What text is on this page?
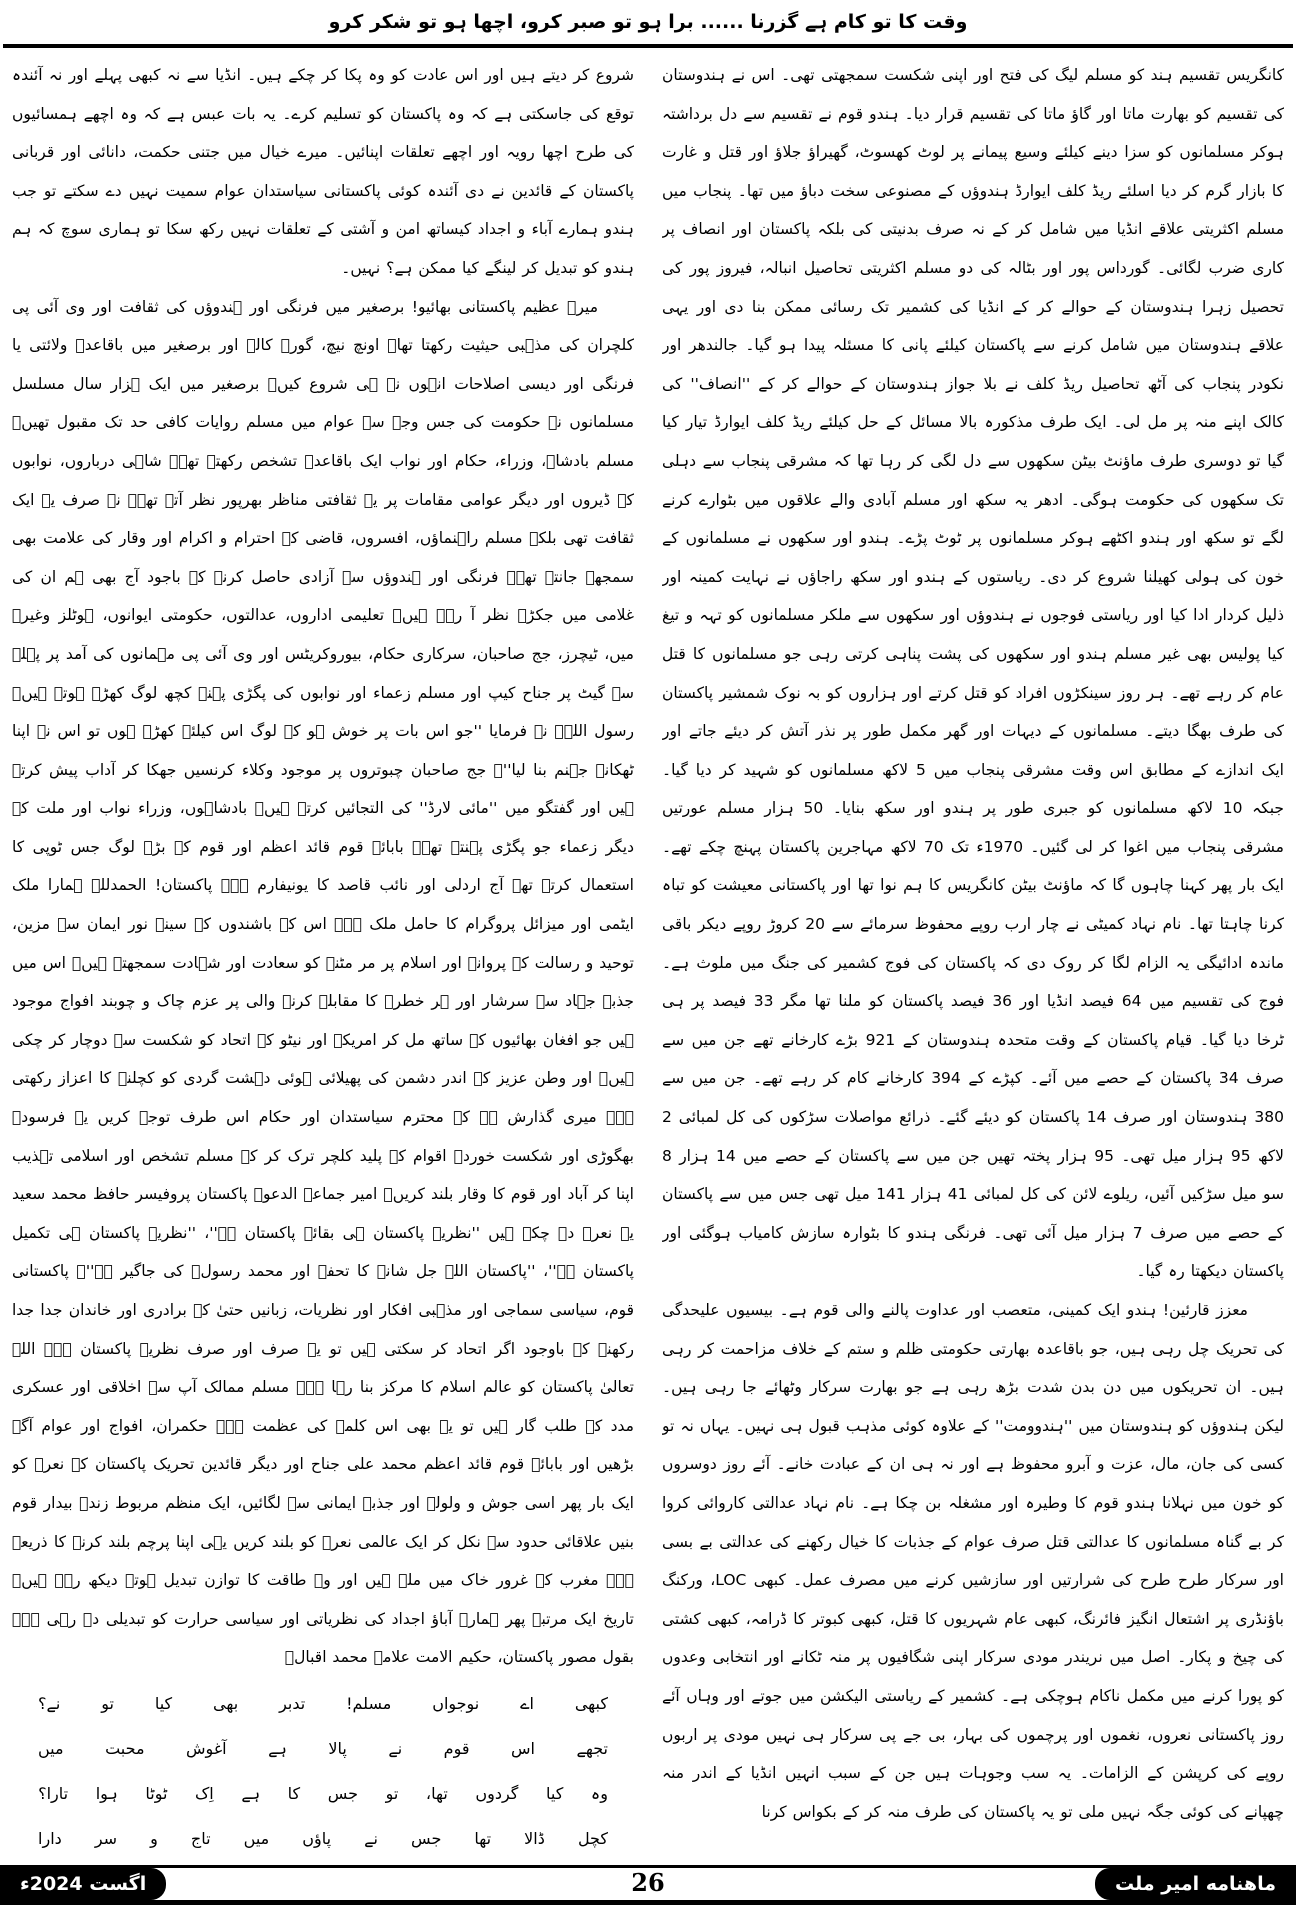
وقت کا تو کام ہے گزرنا ...... برا ہو تو صبر کرو، اچھا ہو تو شکر کرو

کانگریس تقسیم ہند کو مسلم لیگ کی فتح اور اپنی شکست سمجھتی تھی۔ اس نے ہندوستان کی تقسیم کو بھارت ماتا اور گاؤ ماتا کی تقسیم قرار دیا۔ ہندو قوم نے تقسیم سے دل برداشتہ ہوکر مسلمانوں کو سزا دینے کیلئے وسیع پیمانے پر لوٹ کھسوٹ، گھیراؤ جلاؤ اور قتل و غارت کا بازار گرم کر دیا اسلئے ریڈ کلف ایوارڈ ہندوؤں کے مصنوعی سخت دباؤ میں تھا۔ پنجاب میں مسلم اکثریتی علاقے انڈیا میں شامل کر کے نہ صرف بدنیتی کی بلکہ پاکستان اور انصاف پر کاری ضرب لگائی۔ گورداس پور اور بٹالہ کی دو مسلم اکثریتی تحاصیل انبالہ، فیروز پور کی تحصیل زہرا ہندوستان کے حوالے کر کے انڈیا کی کشمیر تک رسائی ممکن بنا دی اور یہی علاقے ہندوستان میں شامل کرنے سے پاکستان کیلئے پانی کا مسئلہ پیدا ہو گیا۔ جالندھر اور نکودر پنجاب کی آٹھ تحاصیل ریڈ کلف نے بلا جواز ہندوستان کے حوالے کر کے ''انصاف'' کی کالک اپنے منہ پر مل لی۔ ایک طرف مذکورہ بالا مسائل کے حل کیلئے ریڈ کلف ایوارڈ تیار کیا گیا تو دوسری طرف ماؤنٹ بیٹن سکھوں سے دل لگی کر رہا تھا کہ مشرقی پنجاب سے دہلی تک سکھوں کی حکومت ہوگی۔ ادھر یہ سکھ اور مسلم آبادی والے علاقوں میں بٹوارے کرنے لگے تو سکھ اور ہندو اکٹھے ہوکر مسلمانوں پر ٹوٹ پڑے۔ ہندو اور سکھوں نے مسلمانوں کے خون کی ہولی کھیلنا شروع کر دی۔ ریاستوں کے ہندو اور سکھ راجاؤں نے نہایت کمینہ اور ذلیل کردار ادا کیا اور ریاستی فوجوں نے ہندوؤں اور سکھوں سے ملکر مسلمانوں کو تہہ و تیغ کیا پولیس بھی غیر مسلم ہندو اور سکھوں کی پشت پناہی کرتی رہی جو مسلمانوں کا قتل عام کر رہے تھے۔ ہر روز سینکڑوں افراد کو قتل کرتے اور ہزاروں کو بہ نوک شمشیر پاکستان کی طرف بھگا دیتے۔ مسلمانوں کے دیہات اور گھر مکمل طور پر نذر آتش کر دیئے جاتے اور ایک اندازے کے مطابق اس وقت مشرقی پنجاب میں 5 لاکھ مسلمانوں کو شہید کر دیا گیا۔ جبکہ 10 لاکھ مسلمانوں کو جبری طور پر ہندو اور سکھ بنایا۔ 50 ہزار مسلم عورتیں مشرقی پنجاب میں اغوا کر لی گئیں۔ 1970ء تک 70 لاکھ مہاجرین پاکستان پہنچ چکے تھے۔ ایک بار پھر کہنا چاہوں گا کہ ماؤنٹ بیٹن کانگریس کا ہم نوا تھا اور پاکستانی معیشت کو تباہ کرنا چاہتا تھا۔ نام نہاد کمیٹی نے چار ارب روپے محفوظ سرمائے سے 20 کروڑ روپے دیکر باقی ماندہ ادائیگی یہ الزام لگا کر روک دی کہ پاکستان کی فوج کشمیر کی جنگ میں ملوث ہے۔ فوج کی تقسیم میں 64 فیصد انڈیا اور 36 فیصد پاکستان کو ملنا تھا مگر 33 فیصد پر ہی ٹرخا دیا گیا۔ قیام پاکستان کے وقت متحدہ ہندوستان کے 921 بڑے کارخانے تھے جن میں سے صرف 34 پاکستان کے حصے میں آئے۔ کپڑے کے 394 کارخانے کام کر رہے تھے۔ جن میں سے 380 ہندوستان اور صرف 14 پاکستان کو دیئے گئے۔ ذرائع مواصلات سڑکوں کی کل لمبائی 2 لاکھ 95 ہزار میل تھی۔ 95 ہزار پختہ تھیں جن میں سے پاکستان کے حصے میں 14 ہزار 8 سو میل سڑکیں آئیں، ریلوے لائن کی کل لمبائی 41 ہزار 141 میل تھی جس میں سے پاکستان کے حصے میں صرف 7 ہزار میل آئی تھی۔ فرنگی ہندو کا بٹوارہ سازش کامیاب ہوگئی اور پاکستان دیکھتا رہ گیا۔

معزز قارئین! ہندو ایک کمینی، متعصب اور عداوت پالنے والی قوم ہے۔ بیسیوں علیحدگی کی تحریک چل رہی ہیں، جو باقاعدہ بھارتی حکومتی ظلم و ستم کے خلاف مزاحمت کر رہی ہیں۔ ان تحریکوں میں دن بدن شدت بڑھ رہی ہے جو بھارت سرکار وٹھائے جا رہی ہیں۔ لیکن ہندوؤں کو ہندوستان میں ''ہندوومت'' کے علاوہ کوئی مذہب قبول ہی نہیں۔ یہاں نہ تو کسی کی جان، مال، عزت و آبرو محفوظ ہے اور نہ ہی ان کے عبادت خانے۔ آئے روز دوسروں کو خون میں نہلانا ہندو قوم کا وطیرہ اور مشغلہ بن چکا ہے۔ نام نہاد عدالتی کاروائی کروا کر بے گناہ مسلمانوں کا عدالتی قتل صرف عوام کے جذبات کا خیال رکھنے کی عدالتی بے بسی اور سرکار طرح طرح کی شرارتیں اور سازشیں کرنے میں مصرف عمل۔ کبھی LOC، ورکنگ باؤنڈری پر اشتعال انگیز فائرنگ، کبھی عام شہریوں کا قتل، کبھی کبوتر کا ڈرامہ، کبھی کشتی کی چیخ و پکار۔ اصل میں نریندر مودی سرکار اپنی شگافیوں پر منہ ٹکانے اور انتخابی وعدوں کو پورا کرنے میں مکمل ناکام ہوچکی ہے۔ کشمیر کے ریاستی الیکشن میں جوتے اور وہاں آئے روز پاکستانی نعروں، نغموں اور پرچموں کی بہار، بی جے پی سرکار ہی نہیں مودی پر اربوں روپے کی کرپشن کے الزامات۔ یہ سب وجوہات ہیں جن کے سبب انہیں انڈیا کے اندر منہ چھپانے کی کوئی جگہ نہیں ملی تو یہ پاکستان کی طرف منہ کر کے بکواس کرنا

شروع کر دیتے ہیں اور اس عادت کو وہ پکا کر چکے ہیں۔ انڈیا سے نہ کبھی پہلے اور نہ آئندہ توقع کی جاسکتی ہے کہ وہ پاکستان کو تسلیم کرے۔ یہ بات عبس ہے کہ وہ اچھے ہمسائیوں کی طرح اچھا رویہ اور اچھے تعلقات اپنائیں۔ میرے خیال میں جتنی حکمت، دانائی اور قربانی پاکستان کے قائدین نے دی آئندہ کوئی پاکستانی سیاستدان عوام سمیت نہیں دے سکتے تو جب ہندو ہمارے آباء و اجداد کیساتھ امن و آشتی کے تعلقات نہیں رکھ سکا تو ہماری سوچ کہ ہم ہندو کو تبدیل کر لینگے کیا ممکن ہے؟ نہیں۔

میرے عظیم پاکستانی بھائیو! برصغیر میں فرنگی اور ہندوؤں کی ثقافت اور وی آئی پی کلچران کی مذہبی حیثیت رکھتا تھا۔ اونچ نیچ، گورے کالے اور برصغیر میں باقاعدہ ولائتی یا فرنگی اور دیسی اصلاحات انہوں نے ہی شروع کیں۔ برصغیر میں ایک ہزار سال مسلسل مسلمانوں نے حکومت کی جس وجہ سے عوام میں مسلم روایات کافی حد تک مقبول تھیں۔ مسلم بادشاہ، وزراء، حکام اور نواب ایک باقاعدہ تشخص رکھتے تھے۔ شاہی درباروں، نوابوں کے ڈیروں اور دیگر عوامی مقامات پر یہ ثقافتی مناظر بھرپور نظر آتے تھے۔ نہ صرف یہ ایک ثقافت تھی بلکہ مسلم راہنماؤں، افسروں، قاضی کے احترام و اکرام اور وقار کی علامت بھی سمجھے جانتے تھے۔ فرنگی اور ہندوؤں سے آزادی حاصل کرنے کے باجود آج بھی ہم ان کی غلامی میں جکڑے نظر آ رہے ہیں۔ تعلیمی اداروں، عدالتوں، حکومتی ایوانوں، ہوٹلز وغیرہ میں، ٹیچرز، جج صاحبان، سرکاری حکام، بیوروکریٹس اور وی آئی پی مہمانوں کی آمد پر پہلے سے گیٹ پر جناح کیپ اور مسلم زعماء اور نوابوں کی پگڑی پہنے کچھ لوگ کھڑے ہوتے ہیں۔ رسول اللہﷺ نے فرمایا ''جو اس بات پر خوش ہو کہ لوگ اس کیلئے کھڑے ہوں تو اس نے اپنا ٹھکانہ جہنم بنا لیا''۔ جج صاحبان چبوتروں پر موجود وکلاء کرنسیں جھکا کر آداب پیش کرتے ہیں اور گفتگو میں ''مائی لارڈ'' کی التجائیں کرتے ہیں۔ بادشاہوں، وزراء نواب اور ملت کے دیگر زعماء جو پگڑی پہنتے تھے۔ بابائے قوم قائد اعظم اور قوم کے بڑے لوگ جس ٹوپی کا استعمال کرتے تھے آج اردلی اور نائب قاصد کا یونیفارم ہے۔ پاکستان! الحمدللہ ہمارا ملک ایٹمی اور میزائل پروگرام کا حامل ملک ہے۔ اس کے باشندوں کے سینے نور ایمان سے مزین، توحید و رسالت کے پروانے اور اسلام پر مر مٹنے کو سعادت اور شہادت سمجھتے ہیں۔ اس میں جذبہ جہاد سے سرشار اور ہر خطرے کا مقابلہ کرنے والی پر عزم چاک و چوبند افواج موجود ہیں جو افغان بھائیوں کے ساتھ مل کر امریکہ اور نیٹو کے اتحاد کو شکست سے دوچار کر چکی ہیں۔ اور وطن عزیز کے اندر دشمن کی پھیلائی ہوئی دہشت گردی کو کچلنے کا اعزاز رکھتی ہے۔ میری گذارش ہے کہ محترم سیاستدان اور حکام اس طرف توجہ کریں یہ فرسودہ بھگوڑی اور شکست خوردہ اقوام کے پلید کلچر ترک کر کے مسلم تشخص اور اسلامی تہذیب اپنا کر آباد اور قوم کا وقار بلند کریں۔ امیر جماعۃ الدعوۃ پاکستان پروفیسر حافظ محمد سعید یہ نعرے دے چکے ہیں ''نظریہ پاکستان ہی بقائے پاکستان ہے''، ''نظریہ پاکستان ہی تکمیل پاکستان ہے''، ''پاکستان اللہ جل شانہ کا تحفہ اور محمد رسولﷺ کی جاگیر ہے''۔ پاکستانی قوم، سیاسی سماجی اور مذہبی افکار اور نظریات، زبانیں حتیٰ کہ برادری اور خاندان جدا جدا رکھنے کے باوجود اگر اتحاد کر سکتی ہیں تو یہ صرف اور صرف نظریہ پاکستان ہے۔ اللہ تعالیٰ پاکستان کو عالم اسلام کا مرکز بنا رہا ہے۔ مسلم ممالک آپ سے اخلاقی اور عسکری مدد کے طلب گار ہیں تو یہ بھی اس کلمہ کی عظمت ہے۔ حکمران، افواج اور عوام آگے بڑھیں اور بابائے قوم قائد اعظم محمد علی جناح اور دیگر قائدین تحریک پاکستان کے نعرہ کو ایک بار پھر اسی جوش و ولولہ اور جذبہ ایمانی سے لگائیں، ایک منظم مربوط زندہ بیدار قوم بنیں علاقائی حدود سے نکل کر ایک عالمی نعرہ کو بلند کریں یہی اپنا پرچم بلند کرنے کا ذریعہ ہے۔ مغرب کے غرور خاک میں ملے ہیں اور وہ طاقت کا توازن تبدیل ہوتے دیکھ رہے ہیں۔ تاریخ ایک مرتبہ پھر ہمارے آباؤ اجداد کی نظریاتی اور سیاسی حرارت کو تبدیلی دے رہی ہے۔ بقول مصور پاکستان، حکیم الامت علامہ محمد اقبالؒ

کبھی
اے
نوجواں
مسلم!
تدبر
بھی
کیا
تو
نے؟
تجھے
اس
قوم
نے
پالا
ہے
آغوش
محبت
میں
وہ
کیا
گردوں
تھا،
تو
جس
کا
ہے
اِک
ٹوٹا
ہوا
تارا؟
کچل
ڈالا
تھا
جس
نے
پاؤں
میں
تاج
و
سر
دارا
اگست 2024ء	26	ماهنامه امیر ملت
